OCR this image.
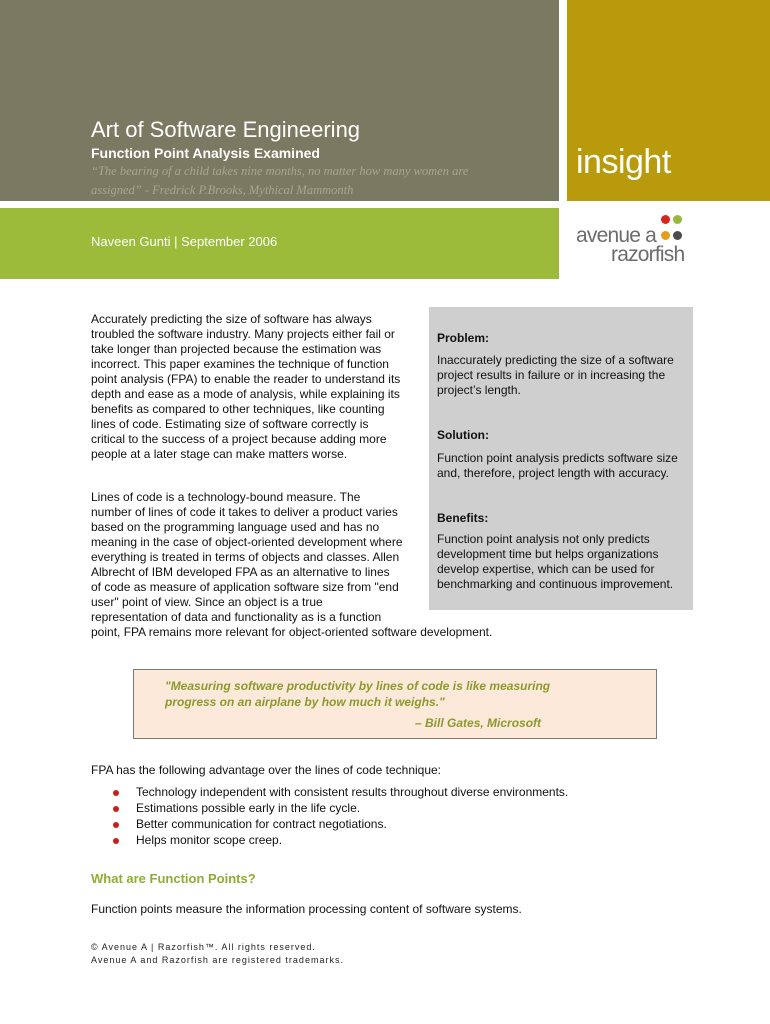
Art of Software Engineering
Function Point Analysis Examined
“The bearing of a child takes nine months, no matter how many women are
assigned” - Fredrick P.Brooks, Mythical Mammonth
insight
Naveen Gunti | September 2006	avenue a
razorfish
Accurately predicting the size of software has always
troubled the software industry. Many projects either fail or
take longer than projected because the estimation was
incorrect. This paper examines the technique of function
point analysis (FPA) to enable the reader to understand its
depth and ease as a mode of analysis, while explaining its
benefits as compared to other techniques, like counting
lines of code. Estimating size of software correctly is
critical to the success of a project because adding more
people at a later stage can make matters worse.
Lines of code is a technology-bound measure. The
number of lines of code it takes to deliver a product varies
based on the programming language used and has no
meaning in the case of object-oriented development where
everything is treated in terms of objects and classes. Allen
Albrecht of IBM developed FPA as an alternative to lines
of code as measure of application software size from "end
user" point of view. Since an object is a true
representation of data and functionality as is a function
point, FPA remains more relevant for object-oriented software development.
Problem:
Inaccurately predicting the size of a software
project results in failure or in increasing the
project’s length.
Solution:
Function point analysis predicts software size
and, therefore, project length with accuracy.
Benefits:
Function point analysis not only predicts
development time but helps organizations
develop expertise, which can be used for
benchmarking and continuous improvement.
"Measuring software productivity by lines of code is like measuring
progress on an airplane by how much it weighs."
– Bill Gates, Microsoft
FPA has the following advantage over the lines of code technique:
Technology independent with consistent results throughout diverse environments.
Estimations possible early in the life cycle.
Better communication for contract negotiations.
Helps monitor scope creep.
What are Function Points?
Function points measure the information processing content of software systems.
© Avenue A | Razorfish™. All rights reserved.
Avenue A and Razorfish are registered trademarks.
